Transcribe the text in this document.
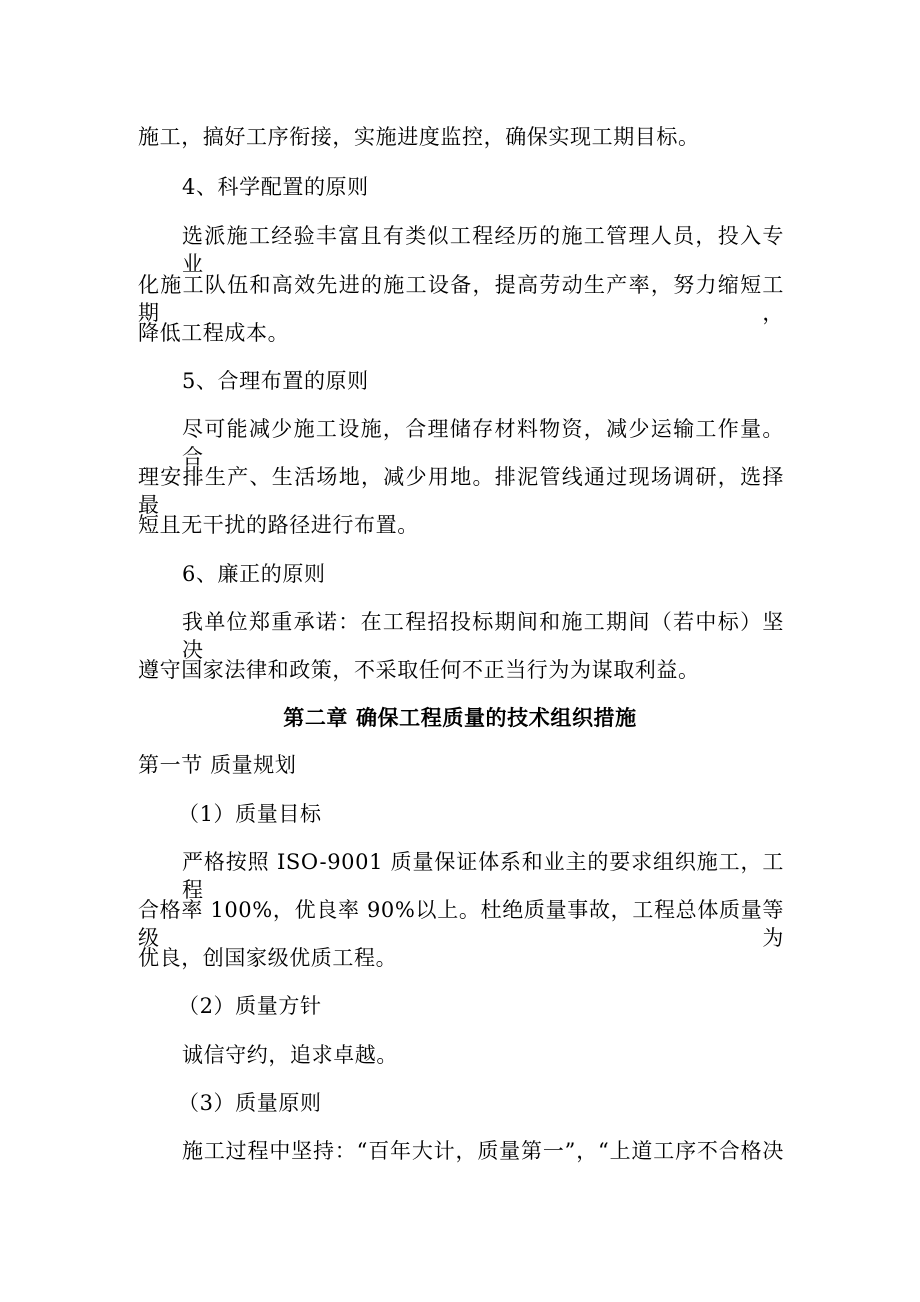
施工，搞好工序衔接，实施进度监控，确保实现工期目标。
4、科学配置的原则
选派施工经验丰富且有类似工程经历的施工管理人员，投入专业
化施工队伍和高效先进的施工设备，提高劳动生产率，努力缩短工期，
降低工程成本。
5、合理布置的原则
尽可能减少施工设施，合理储存材料物资，减少运输工作量。合
理安排生产、生活场地，减少用地。排泥管线通过现场调研，选择最
短且无干扰的路径进行布置。
6、廉正的原则
我单位郑重承诺：在工程招投标期间和施工期间（若中标）坚决
遵守国家法律和政策，不采取任何不正当行为为谋取利益。
第二章 确保工程质量的技术组织措施
第一节 质量规划
（1）质量目标
严格按照 ISO-9001 质量保证体系和业主的要求组织施工，工程
合格率 100%，优良率 90%以上。杜绝质量事故，工程总体质量等级为
优良，创国家级优质工程。
（2）质量方针
诚信守约，追求卓越。
（3）质量原则
施工过程中坚持：“百年大计，质量第一”，“上道工序不合格决
